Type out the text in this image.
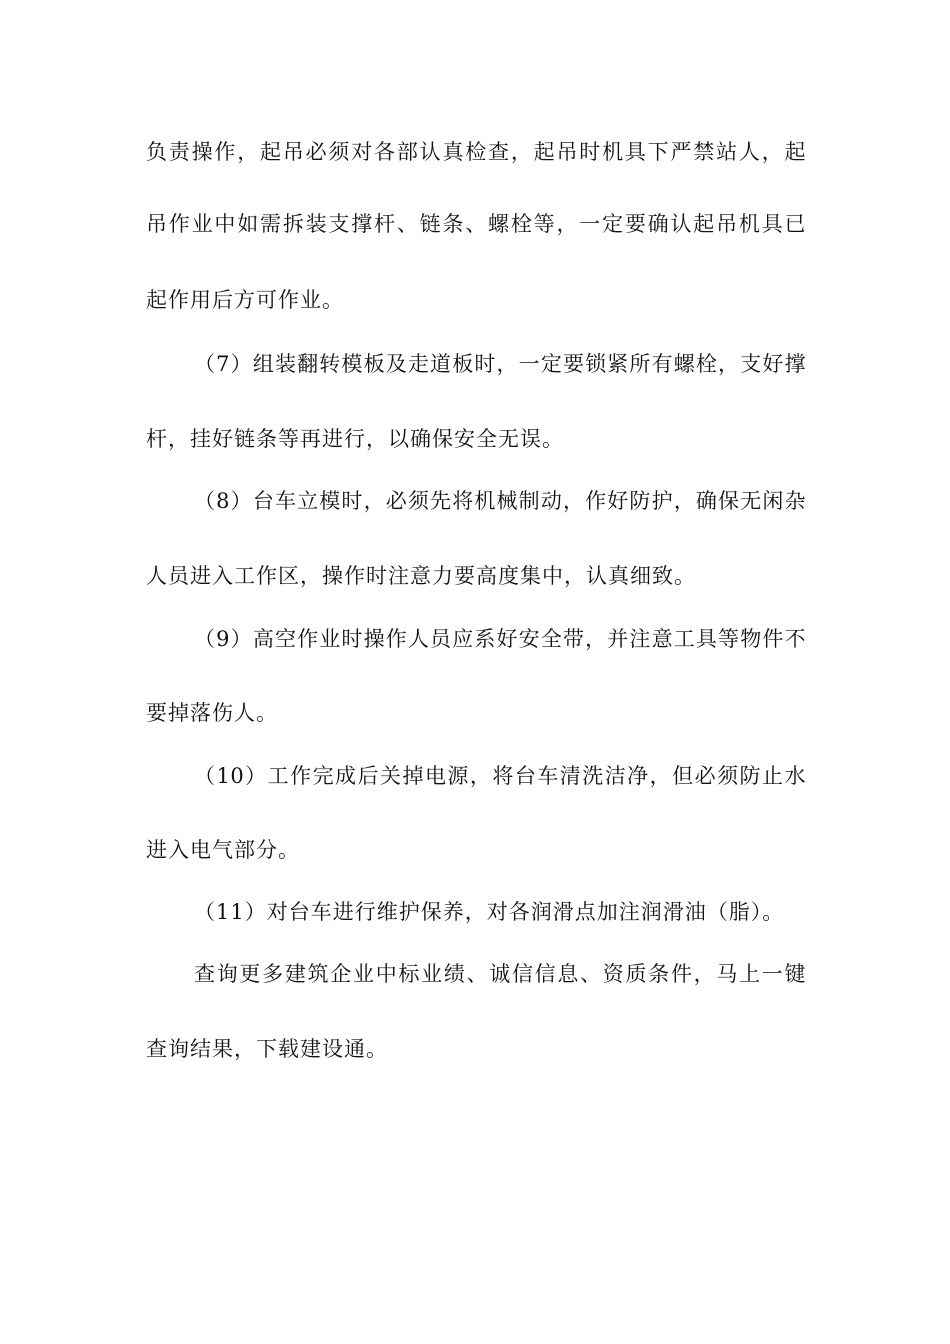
负责操作，起吊必须对各部认真检查，起吊时机具下严禁站人，起
吊作业中如需拆装支撑杆、链条、螺栓等，一定要确认起吊机具已
起作用后方可作业。
（7）组装翻转模板及走道板时，一定要锁紧所有螺栓，支好撑
杆，挂好链条等再进行，以确保安全无误。
（8）台车立模时，必须先将机械制动，作好防护，确保无闲杂
人员进入工作区，操作时注意力要高度集中，认真细致。
（9）高空作业时操作人员应系好安全带，并注意工具等物件不
要掉落伤人。
（10）工作完成后关掉电源，将台车清洗洁净，但必须防止水
进入电气部分。
（11）对台车进行维护保养，对各润滑点加注润滑油（脂）。
查询更多建筑企业中标业绩、诚信信息、资质条件，马上一键
查询结果，下载建设通。
